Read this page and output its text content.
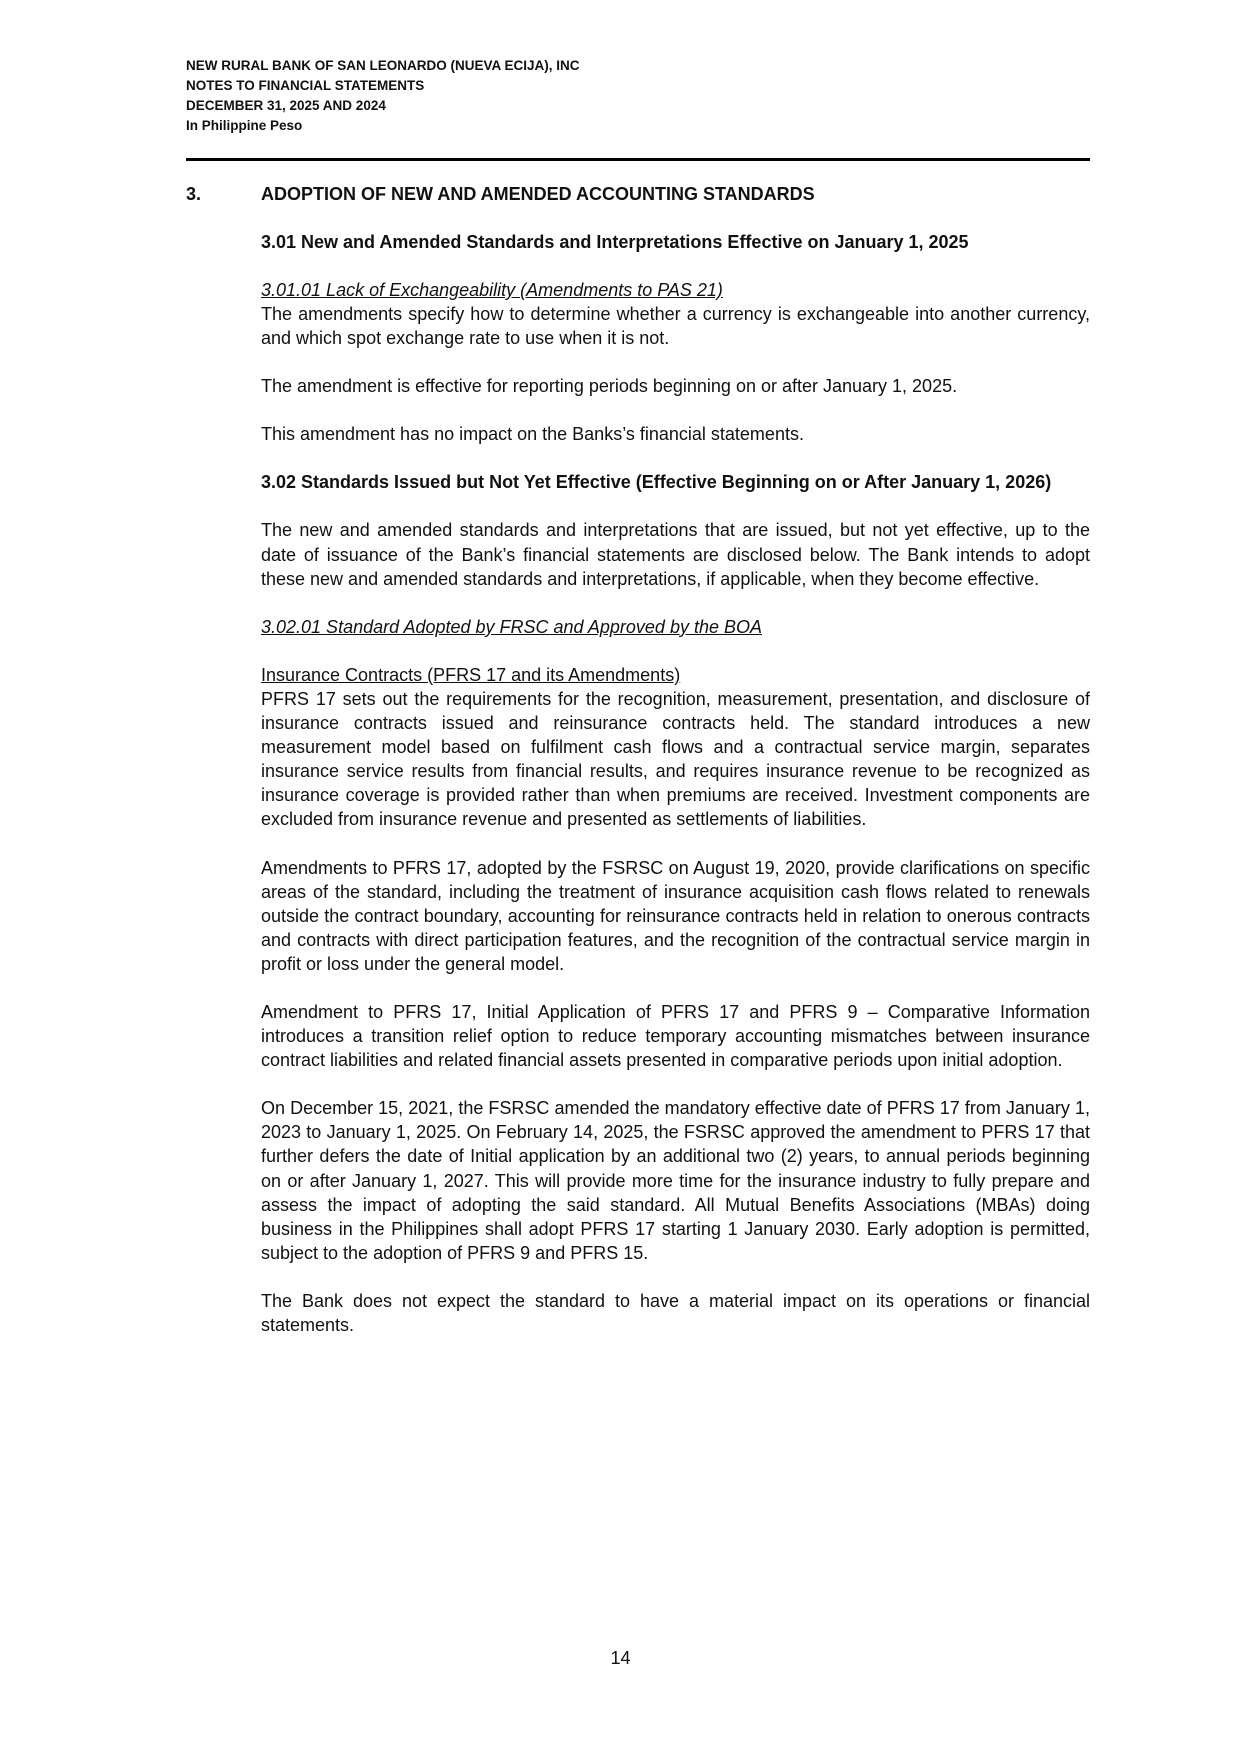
NEW RURAL BANK OF SAN LEONARDO (NUEVA ECIJA), INC
NOTES TO FINANCIAL STATEMENTS
DECEMBER 31, 2025 AND 2024
In Philippine Peso
3.	ADOPTION OF NEW AND AMENDED ACCOUNTING STANDARDS
3.01 New and Amended Standards and Interpretations Effective on January 1, 2025
3.01.01 Lack of Exchangeability (Amendments to PAS 21)
The amendments specify how to determine whether a currency is exchangeable into another currency, and which spot exchange rate to use when it is not.

The amendment is effective for reporting periods beginning on or after January 1, 2025.

This amendment has no impact on the Banks’s financial statements.

3.02 Standards Issued but Not Yet Effective (Effective Beginning on or After January 1, 2026)

The new and amended standards and interpretations that are issued, but not yet effective, up to the date of issuance of the Bank’s financial statements are disclosed below. The Bank intends to adopt these new and amended standards and interpretations, if applicable, when they become effective.

3.02.01 Standard Adopted by FRSC and Approved by the BOA

Insurance Contracts (PFRS 17 and its Amendments)
PFRS 17 sets out the requirements for the recognition, measurement, presentation, and disclosure of insurance contracts issued and reinsurance contracts held. The standard introduces a new measurement model based on fulfilment cash flows and a contractual service margin, separates insurance service results from financial results, and requires insurance revenue to be recognized as insurance coverage is provided rather than when premiums are received. Investment components are excluded from insurance revenue and presented as settlements of liabilities.

Amendments to PFRS 17, adopted by the FSRSC on August 19, 2020, provide clarifications on specific areas of the standard, including the treatment of insurance acquisition cash flows related to renewals outside the contract boundary, accounting for reinsurance contracts held in relation to onerous contracts and contracts with direct participation features, and the recognition of the contractual service margin in profit or loss under the general model.

Amendment to PFRS 17, Initial Application of PFRS 17 and PFRS 9 – Comparative Information introduces a transition relief option to reduce temporary accounting mismatches between insurance contract liabilities and related financial assets presented in comparative periods upon initial adoption.

On December 15, 2021, the FSRSC amended the mandatory effective date of PFRS 17 from January 1, 2023 to January 1, 2025. On February 14, 2025, the FSRSC approved the amendment to PFRS 17 that further defers the date of Initial application by an additional two (2) years, to annual periods beginning on or after January 1, 2027. This will provide more time for the insurance industry to fully prepare and assess the impact of adopting the said standard. All Mutual Benefits Associations (MBAs) doing business in the Philippines shall adopt PFRS 17 starting 1 January 2030. Early adoption is permitted, subject to the adoption of PFRS 9 and PFRS 15.

The Bank does not expect the standard to have a material impact on its operations or financial statements.

14
